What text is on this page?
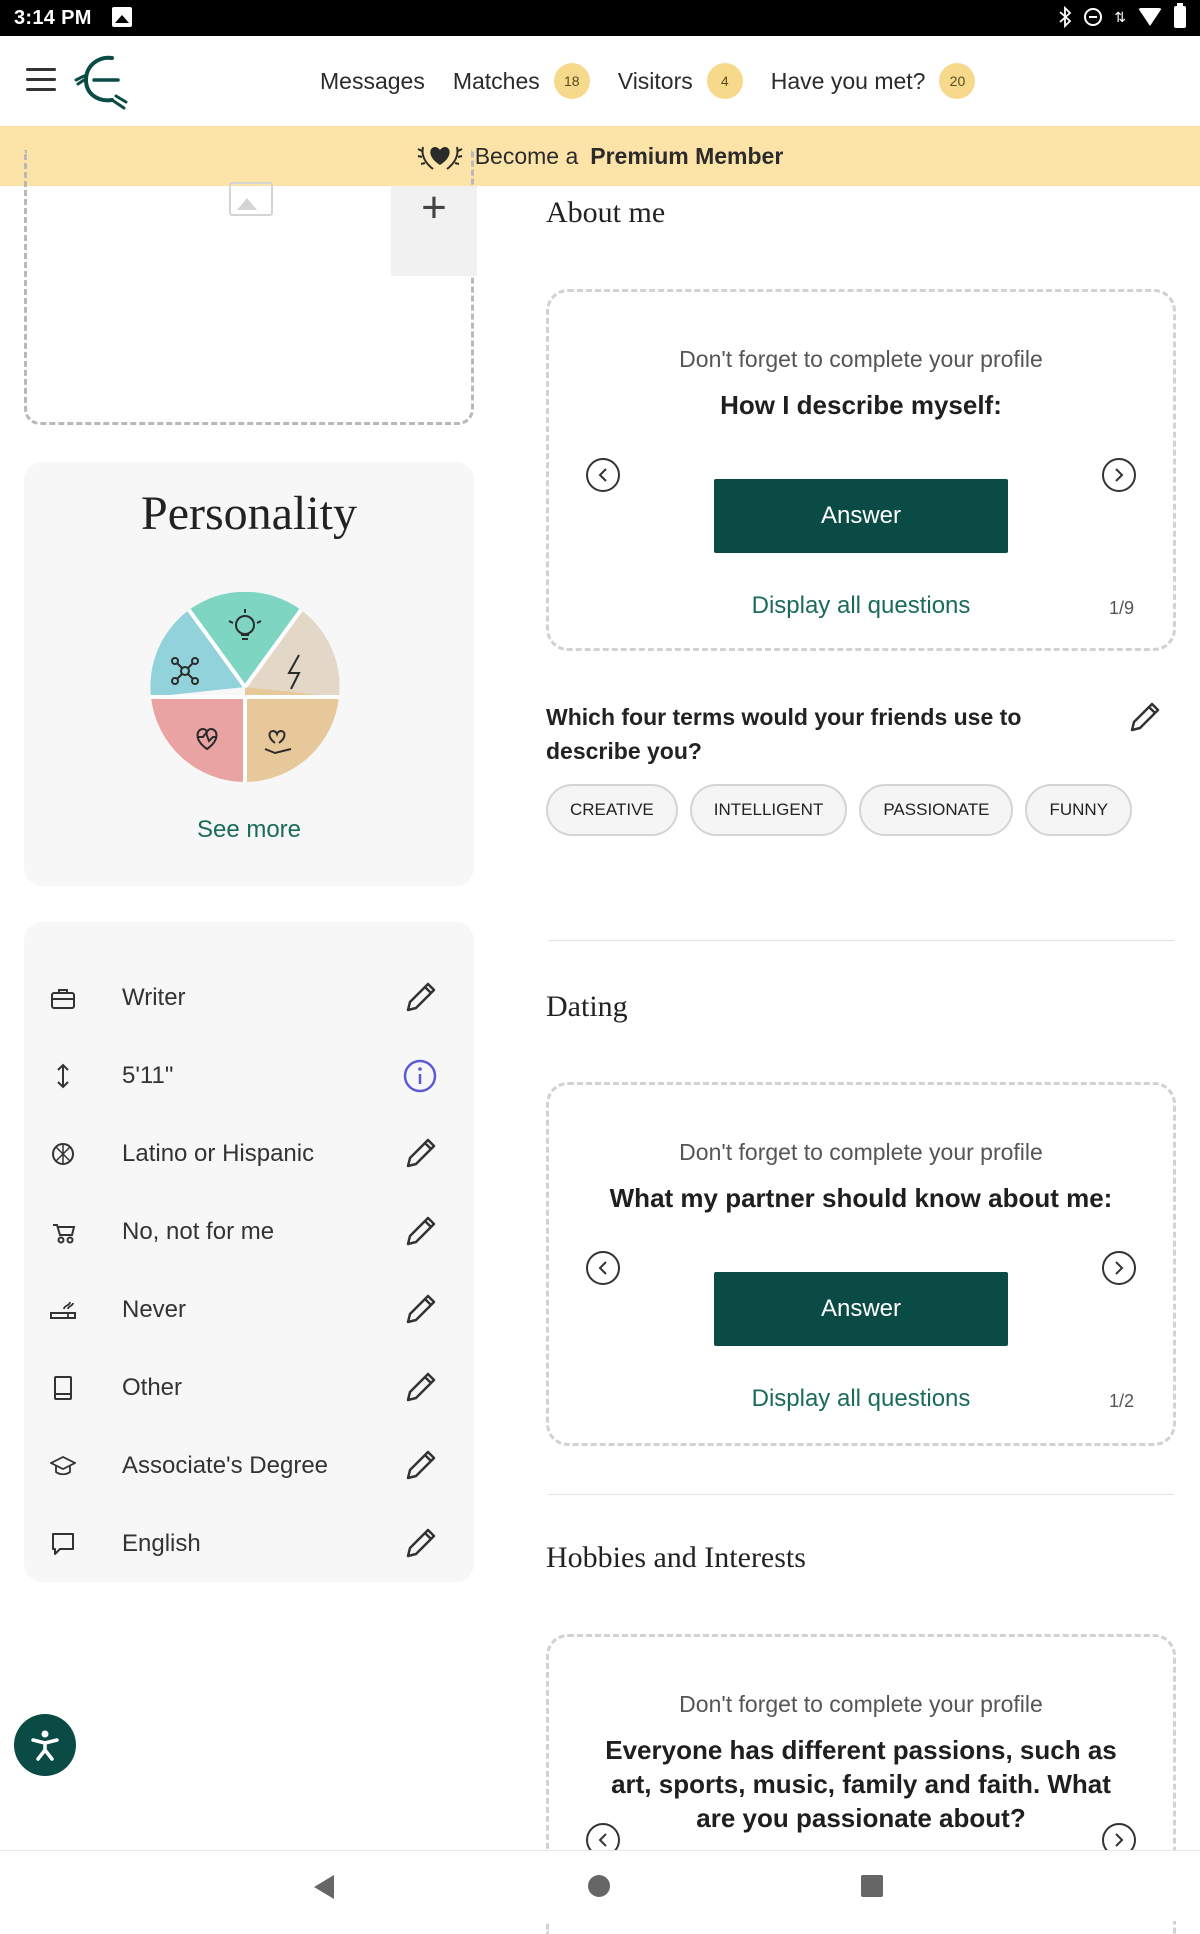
3:14 PM	⇅
Messages Matches	18	Visitors	4	Have you met?	20
Become a Premium Member
+
Personality
See more
Writer
5'11"
Latino or Hispanic
No, not for me
Never
Other
Associate's Degree
English
About me
Don't forget to complete your profile
How I describe myself:
Answer
Display all questions	1/9
Which four terms would your friends use to describe you?
CREATIVE	INTELLIGENT	PASSIONATE	FUNNY
Dating
Don't forget to complete your profile
What my partner should know about me:
Answer
Display all questions	1/2
Hobbies and Interests
Don't forget to complete your profile
Everyone has different passions, such as art, sports, music, family and faith. What are you passionate about?
